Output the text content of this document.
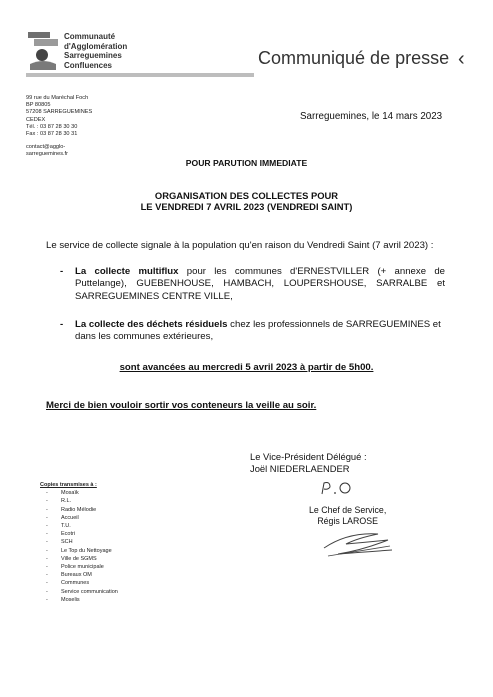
Communauté
d'Agglomération
Sarreguemines
Confluences	Communiqué de presse ‹
99 rue du Maréchal Foch
BP 80805
57208 SARREGUEMINES
CEDEX
Tél. : 03 87 28 30 30
Fax : 03 87 28 30 31
contact@agglo-
sarreguemines.fr
Sarreguemines, le 14 mars 2023
POUR PARUTION IMMEDIATE
ORGANISATION DES COLLECTES POUR
LE VENDREDI 7 AVRIL 2023 (VENDREDI SAINT)
Le service de collecte signale à la population qu'en raison du Vendredi Saint (7 avril 2023) :
- La collecte multiflux pour les communes d'ERNESTVILLER (+ annexe de Puttelange), GUEBENHOUSE, HAMBACH, LOUPERSHOUSE, SARRALBE et SARREGUEMINES CENTRE VILLE,
- La collecte des déchets résiduels chez les professionnels de SARREGUEMINES et dans les communes extérieures,
sont avancées au mercredi 5 avril 2023 à partir de 5h00.
Merci de bien vouloir sortir vos conteneurs la veille au soir.
Le Vice-Président Délégué :
Joël NIEDERLAENDER
Le Chef de Service,
Régis LAROSE
Copies transmises à :
-	Mosaïk
-	R.L.
-	Radio Mélodie
-	Accueil
-	T.U.
-	Ecotri
-	SCH
-	Le Top du Nettoyage
-	Ville de SGMS
-	Police municipale
-	Bureaux OM
-	Communes
-	Service communication
-	Moselis
